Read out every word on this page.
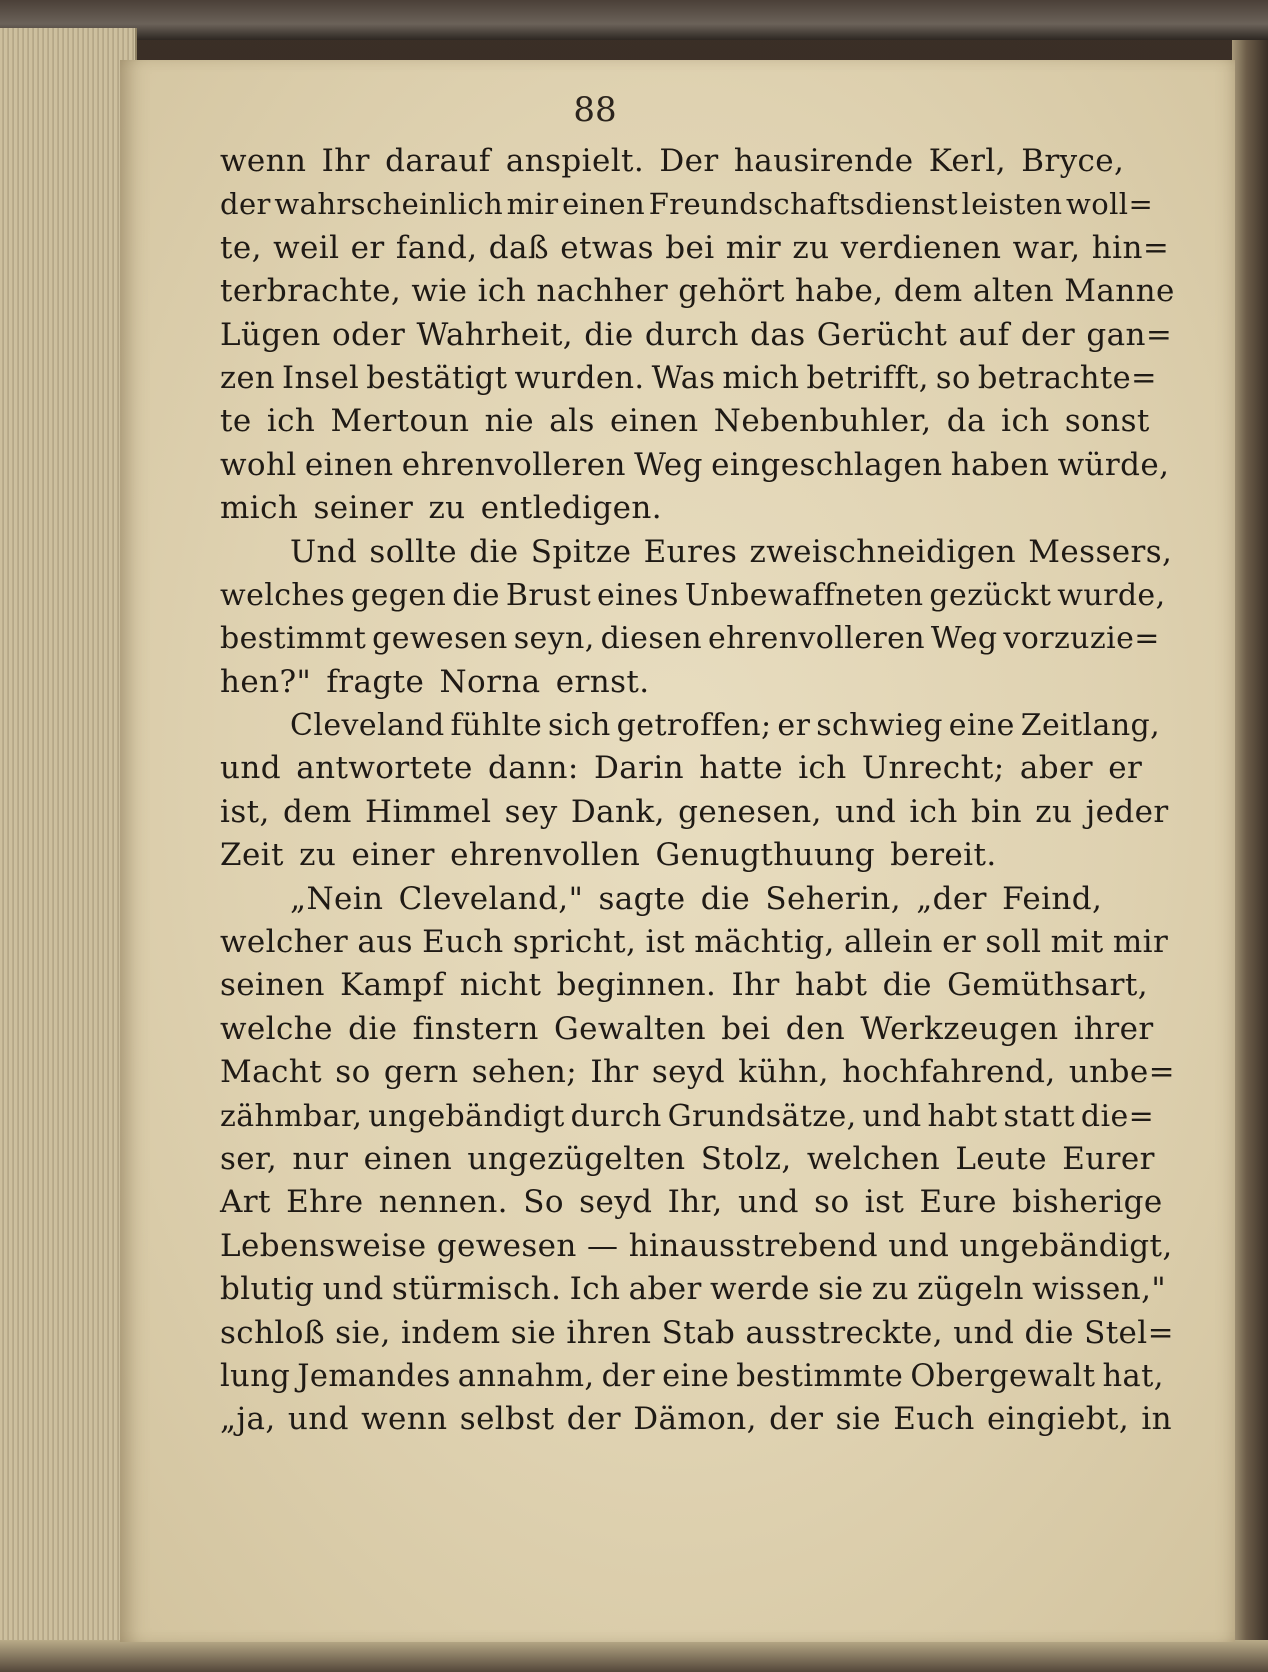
88
wenn Ihr darauf anspielt. Der hausirende Kerl, Bryce,
der wahrscheinlich mir einen Freundschaftsdienst leisten woll=
te, weil er fand, daß etwas bei mir zu verdienen war, hin=
terbrachte, wie ich nachher gehört habe, dem alten Manne
Lügen oder Wahrheit, die durch das Gerücht auf der gan=
zen Insel bestätigt wurden. Was mich betrifft, so betrachte=
te ich Mertoun nie als einen Nebenbuhler, da ich sonst
wohl einen ehrenvolleren Weg eingeschlagen haben würde,
mich seiner zu entledigen.
Und sollte die Spitze Eures zweischneidigen Messers,
welches gegen die Brust eines Unbewaffneten gezückt wurde,
bestimmt gewesen seyn, diesen ehrenvolleren Weg vorzuzie=
hen?" fragte Norna ernst.
Cleveland fühlte sich getroffen; er schwieg eine Zeitlang,
und antwortete dann: Darin hatte ich Unrecht; aber er
ist, dem Himmel sey Dank, genesen, und ich bin zu jeder
Zeit zu einer ehrenvollen Genugthuung bereit.
„Nein Cleveland," sagte die Seherin, „der Feind,
welcher aus Euch spricht, ist mächtig, allein er soll mit mir
seinen Kampf nicht beginnen. Ihr habt die Gemüthsart,
welche die finstern Gewalten bei den Werkzeugen ihrer
Macht so gern sehen; Ihr seyd kühn, hochfahrend, unbe=
zähmbar, ungebändigt durch Grundsätze, und habt statt die=
ser, nur einen ungezügelten Stolz, welchen Leute Eurer
Art Ehre nennen. So seyd Ihr, und so ist Eure bisherige
Lebensweise gewesen — hinausstrebend und ungebändigt,
blutig und stürmisch. Ich aber werde sie zu zügeln wissen,"
schloß sie, indem sie ihren Stab ausstreckte, und die Stel=
lung Jemandes annahm, der eine bestimmte Obergewalt hat,
„ja, und wenn selbst der Dämon, der sie Euch eingiebt, in
